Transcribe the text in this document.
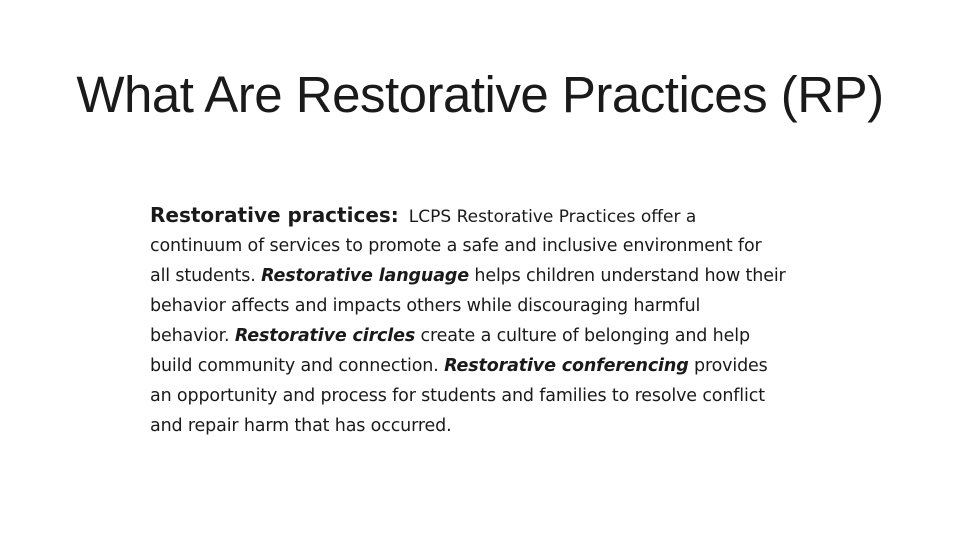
What Are Restorative Practices (RP)
Restorative practices: LCPS Restorative Practices offer a

continuum of services to promote a safe and inclusive environment for
all students. Restorative language helps children understand how their
behavior affects and impacts others while discouraging harmful
behavior. Restorative circles create a culture of belonging and help
build community and connection. Restorative conferencing provides
an opportunity and process for students and families to resolve conflict
and repair harm that has occurred.
